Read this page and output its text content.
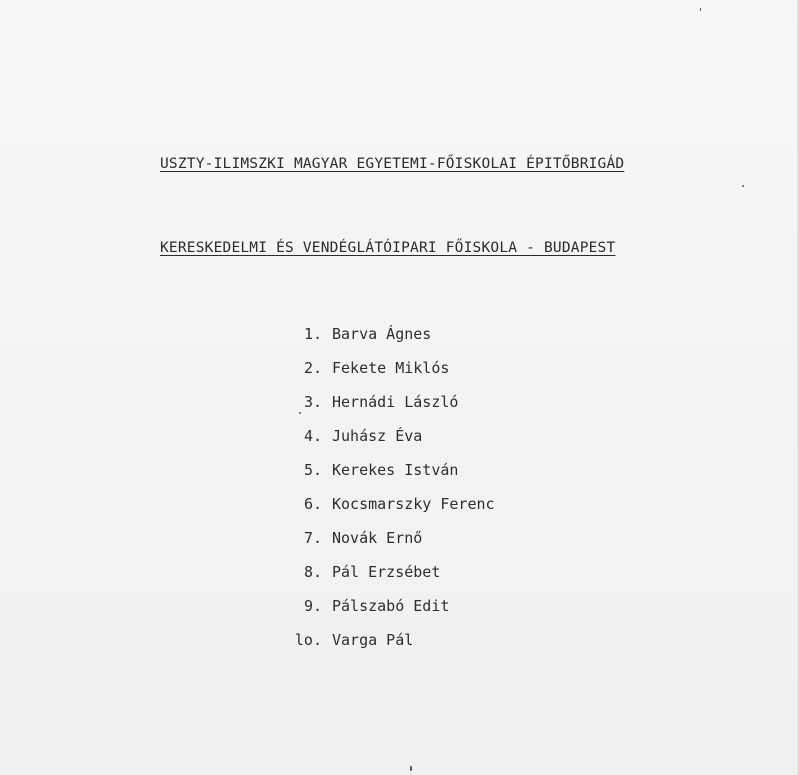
USZTY-ILIMSZKI MAGYAR EGYETEMI-FŐISKOLAI ÉPITŐBRIGÁD
KERESKEDELMI ÉS VENDÉGLÁTÓIPARI FŐISKOLA - BUDAPEST
1. Barva Ágnes
2. Fekete Miklós
3. Hernádi László
4. Juhász Éva
5. Kerekes István
6. Kocsmarszky Ferenc
7. Novák Ernő
8. Pál Erzsébet
9. Pálszabó Edit
lo. Varga Pál
